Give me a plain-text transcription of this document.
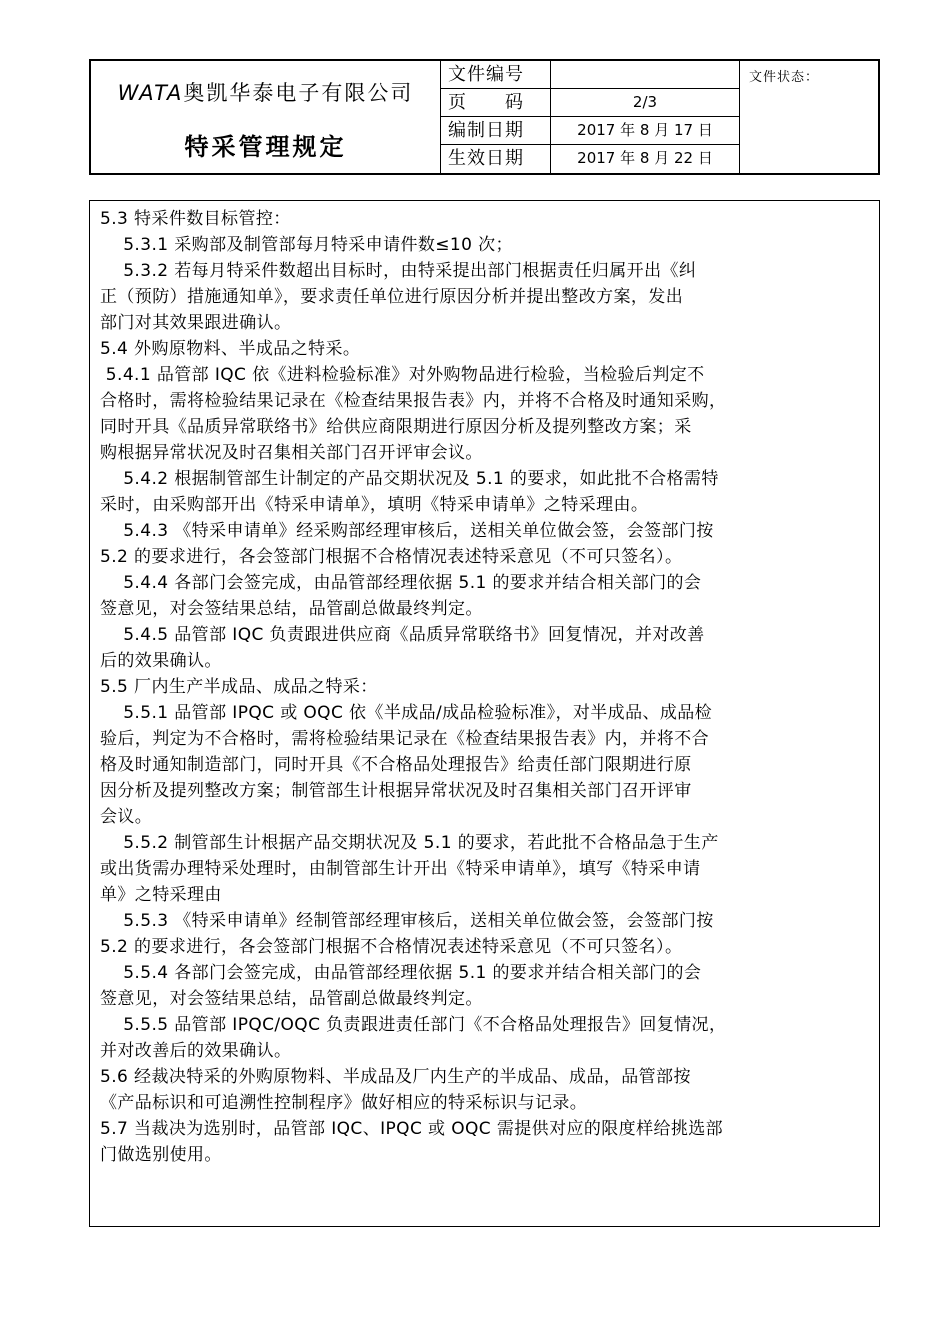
WATA奥凯华泰电子有限公司
特采管理规定
文件编号
页　　码	2/3
编制日期	2017 年 8 月 17 日
生效日期	2017 年 8 月 22 日
文件状态：
5.3 特采件数目标管控：
5.3.1 采购部及制管部每月特采申请件数≤10 次；
5.3.2 若每月特采件数超出目标时，由特采提出部门根据责任归属开出《纠
正（预防）措施通知单》，要求责任单位进行原因分析并提出整改方案，发出
部门对其效果跟进确认。
5.4 外购原物料、半成品之特采。
5.4.1 品管部 IQC 依《进料检验标准》对外购物品进行检验，当检验后判定不
合格时，需将检验结果记录在《检查结果报告表》内，并将不合格及时通知采购，
同时开具《品质异常联络书》给供应商限期进行原因分析及提列整改方案；采
购根据异常状况及时召集相关部门召开评审会议。
5.4.2 根据制管部生计制定的产品交期状况及 5.1 的要求，如此批不合格需特
采时，由采购部开出《特采申请单》，填明《特采申请单》之特采理由。
5.4.3 《特采申请单》经采购部经理审核后，送相关单位做会签，会签部门按
5.2 的要求进行，各会签部门根据不合格情况表述特采意见（不可只签名）。
5.4.4 各部门会签完成，由品管部经理依据 5.1 的要求并结合相关部门的会
签意见，对会签结果总结，品管副总做最终判定。
5.4.5 品管部 IQC 负责跟进供应商《品质异常联络书》回复情况，并对改善
后的效果确认。
5.5 厂内生产半成品、成品之特采：
5.5.1 品管部 IPQC 或 OQC 依《半成品/成品检验标准》，对半成品、成品检
验后，判定为不合格时，需将检验结果记录在《检查结果报告表》内，并将不合
格及时通知制造部门，同时开具《不合格品处理报告》给责任部门限期进行原
因分析及提列整改方案；制管部生计根据异常状况及时召集相关部门召开评审
会议。
5.5.2 制管部生计根据产品交期状况及 5.1 的要求，若此批不合格品急于生产
或出货需办理特采处理时，由制管部生计开出《特采申请单》，填写《特采申请
单》之特采理由
5.5.3 《特采申请单》经制管部经理审核后，送相关单位做会签，会签部门按
5.2 的要求进行，各会签部门根据不合格情况表述特采意见（不可只签名）。
5.5.4 各部门会签完成，由品管部经理依据 5.1 的要求并结合相关部门的会
签意见，对会签结果总结，品管副总做最终判定。
5.5.5 品管部 IPQC/OQC 负责跟进责任部门《不合格品处理报告》回复情况，
并对改善后的效果确认。
5.6 经裁决特采的外购原物料、半成品及厂内生产的半成品、成品，品管部按
《产品标识和可追溯性控制程序》做好相应的特采标识与记录。
5.7 当裁决为选别时，品管部 IQC、IPQC 或 OQC 需提供对应的限度样给挑选部
门做选别使用。
